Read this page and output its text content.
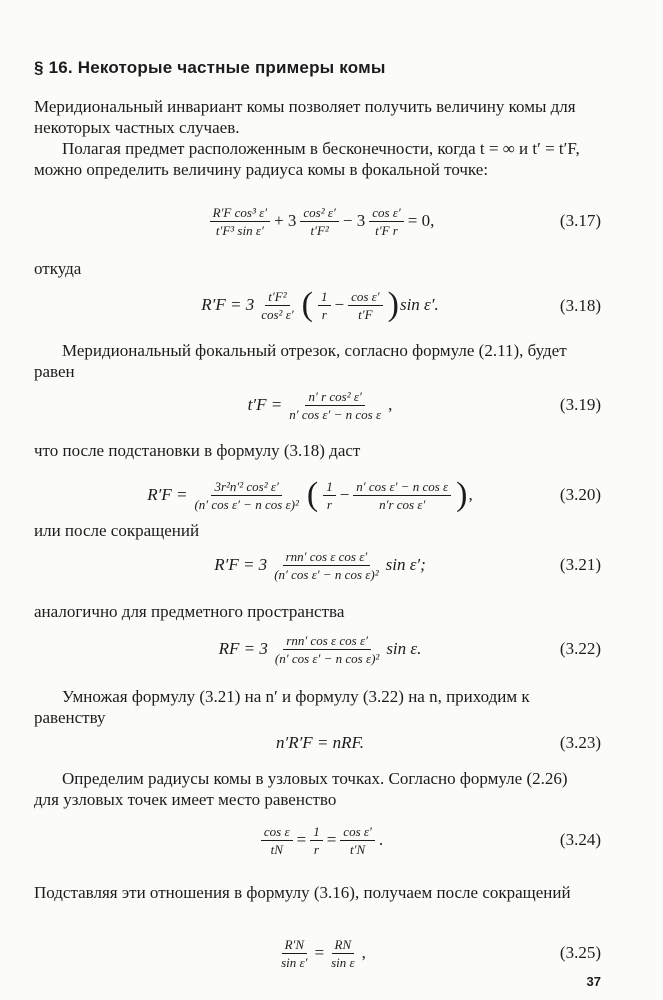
§ 16. Некоторые частные примеры комы

Меридиональный инвариант комы позволяет получить величину комы для некоторых частных случаев.

Полагая предмет расположенным в бесконечности, когда t = ∞ и t′ = t′F, можно определить величину радиуса комы в фокальной точке:

$\frac{\text{R′F cos³ ε′}}{\text{t′F³ sin ε′}} + 3 \frac{\text{cos² ε′}}{\text{t′F²}} - 3 \frac{\text{cos ε′}}{\text{t′F r}} = 0$,	(3.17)

откуда

$R'F = 3 \frac{\text{t′F²}}{\text{cos² ε′}}$ ( $\frac{1}{r} - \frac{\text{cos ε′}}{t'F}$ ) sin ε′.	(3.18)

Меридиональный фокальный отрезок, согласно формуле (2.11), будет равен

$t'F = \frac{\text{n′ r cos² ε′}}{\text{n′ cos ε′ − n cos ε}}$ ,	(3.19)

что после подстановки в формулу (3.18) даст

$R'F = \frac{\text{3r²n′² cos² ε′}}{\text{(n′ cos ε′ − n cos ε)²}}$ ( $\frac{1}{r} - \frac{\text{n′ cos ε′ − n cos ε}}{\text{n′r cos ε′}}$ ) ,	(3.20)

или после сокращений

$R'F = 3 \frac{\text{rnn′ cos ε cos ε′}}{\text{(n′ cos ε′ − n cos ε)²}}$ sin ε′;	(3.21)

аналогично для предметного пространства

RF = $3 \frac{\text{rnn′ cos ε cos ε′}}{\text{(n′ cos ε′ − n cos ε)²}}$ sin ε.	(3.22)

Умножая формулу (3.21) на n′ и формулу (3.22) на n, приходим к равенству

n′R′F = nRF.	(3.23)

Определим радиусы комы в узловых точках. Согласно формуле (2.26) для узловых точек имеет место равенство

$\frac{\text{cos ε}}{tN} = \frac{1}{r} = \frac{\text{cos ε′}}{t'N}$ .	(3.24)

Подставляя эти отношения в формулу (3.16), получаем после сокращений

$\frac{R'N}{\text{sin ε′}} = \frac{RN}{\text{sin ε}}$ ,	(3.25)
37
